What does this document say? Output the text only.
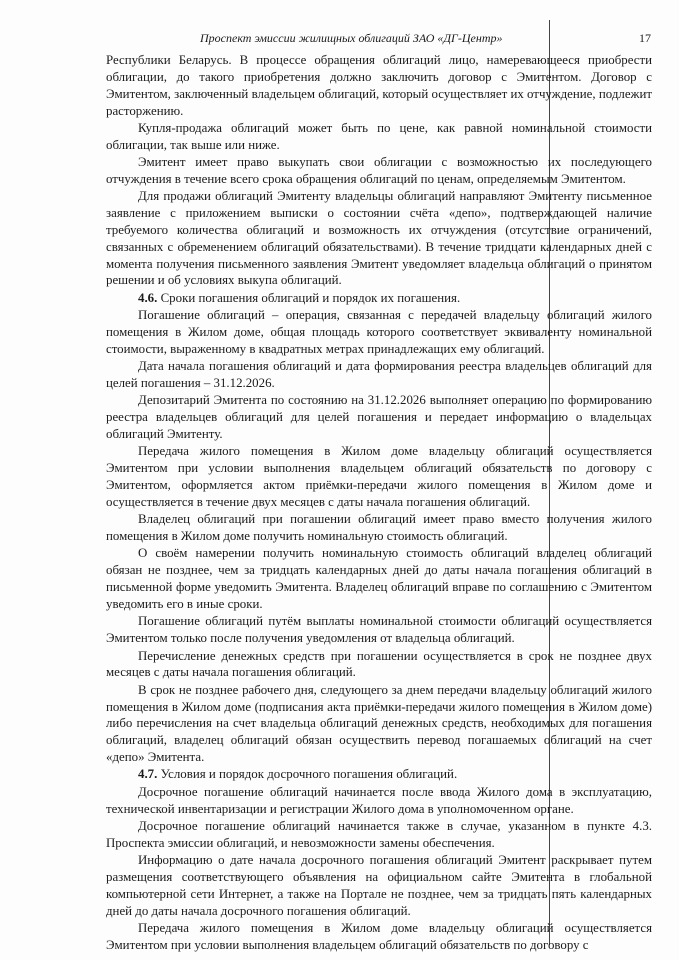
Проспект эмиссии жилищных облигаций ЗАО «ДГ-Центр»	17

Республики Беларусь. В процессе обращения облигаций лицо, намеревающееся приобрести облигации, до такого приобретения должно заключить договор с Эмитентом. Договор с Эмитентом, заключенный владельцем облигаций, который осуществляет их отчуждение, подлежит расторжению.

Купля-продажа облигаций может быть по цене, как равной номинальной стоимости облигации, так выше или ниже.

Эмитент имеет право выкупать свои облигации с возможностью их последующего отчуждения в течение всего срока обращения облигаций по ценам, определяемым Эмитентом.

Для продажи облигаций Эмитенту владельцы облигаций направляют Эмитенту письменное заявление с приложением выписки о состоянии счёта «депо», подтверждающей наличие требуемого количества облигаций и возможность их отчуждения (отсутствие ограничений, связанных с обременением облигаций обязательствами). В течение тридцати календарных дней с момента получения письменного заявления Эмитент уведомляет владельца облигаций о принятом решении и об условиях выкупа облигаций.

4.6. Сроки погашения облигаций и порядок их погашения.

Погашение облигаций – операция, связанная с передачей владельцу облигаций жилого помещения в Жилом доме, общая площадь которого соответствует эквиваленту номинальной стоимости, выраженному в квадратных метрах принадлежащих ему облигаций.

Дата начала погашения облигаций и дата формирования реестра владельцев облигаций для целей погашения – 31.12.2026.

Депозитарий Эмитента по состоянию на 31.12.2026 выполняет операцию по формированию реестра владельцев облигаций для целей погашения и передает информацию о владельцах облигаций Эмитенту.

Передача жилого помещения в Жилом доме владельцу облигаций осуществляется Эмитентом при условии выполнения владельцем облигаций обязательств по договору с Эмитентом, оформляется актом приёмки-передачи жилого помещения в Жилом доме и осуществляется в течение двух месяцев с даты начала погашения облигаций.

Владелец облигаций при погашении облигаций имеет право вместо получения жилого помещения в Жилом доме получить номинальную стоимость облигаций.

О своём намерении получить номинальную стоимость облигаций владелец облигаций обязан не позднее, чем за тридцать календарных дней до даты начала погашения облигаций в письменной форме уведомить Эмитента. Владелец облигаций вправе по соглашению с Эмитентом уведомить его в иные сроки.

Погашение облигаций путём выплаты номинальной стоимости облигаций осуществляется Эмитентом только после получения уведомления от владельца облигаций.

Перечисление денежных средств при погашении осуществляется в срок не позднее двух месяцев с даты начала погашения облигаций.

В срок не позднее рабочего дня, следующего за днем передачи владельцу облигаций жилого помещения в Жилом доме (подписания акта приёмки-передачи жилого помещения в Жилом доме) либо перечисления на счет владельца облигаций денежных средств, необходимых для погашения облигаций, владелец облигаций обязан осуществить перевод погашаемых облигаций на счет «депо» Эмитента.

4.7. Условия и порядок досрочного погашения облигаций.

Досрочное погашение облигаций начинается после ввода Жилого дома в эксплуатацию, технической инвентаризации и регистрации Жилого дома в уполномоченном органе.

Досрочное погашение облигаций начинается также в случае, указанном в пункте 4.3. Проспекта эмиссии облигаций, и невозможности замены обеспечения.

Информацию о дате начала досрочного погашения облигаций Эмитент раскрывает путем размещения соответствующего объявления на официальном сайте Эмитента в глобальной компьютерной сети Интернет, а также на Портале не позднее, чем за тридцать пять календарных дней до даты начала досрочного погашения облигаций.

Передача жилого помещения в Жилом доме владельцу облигаций осуществляется Эмитентом при условии выполнения владельцем облигаций обязательств по договору с
